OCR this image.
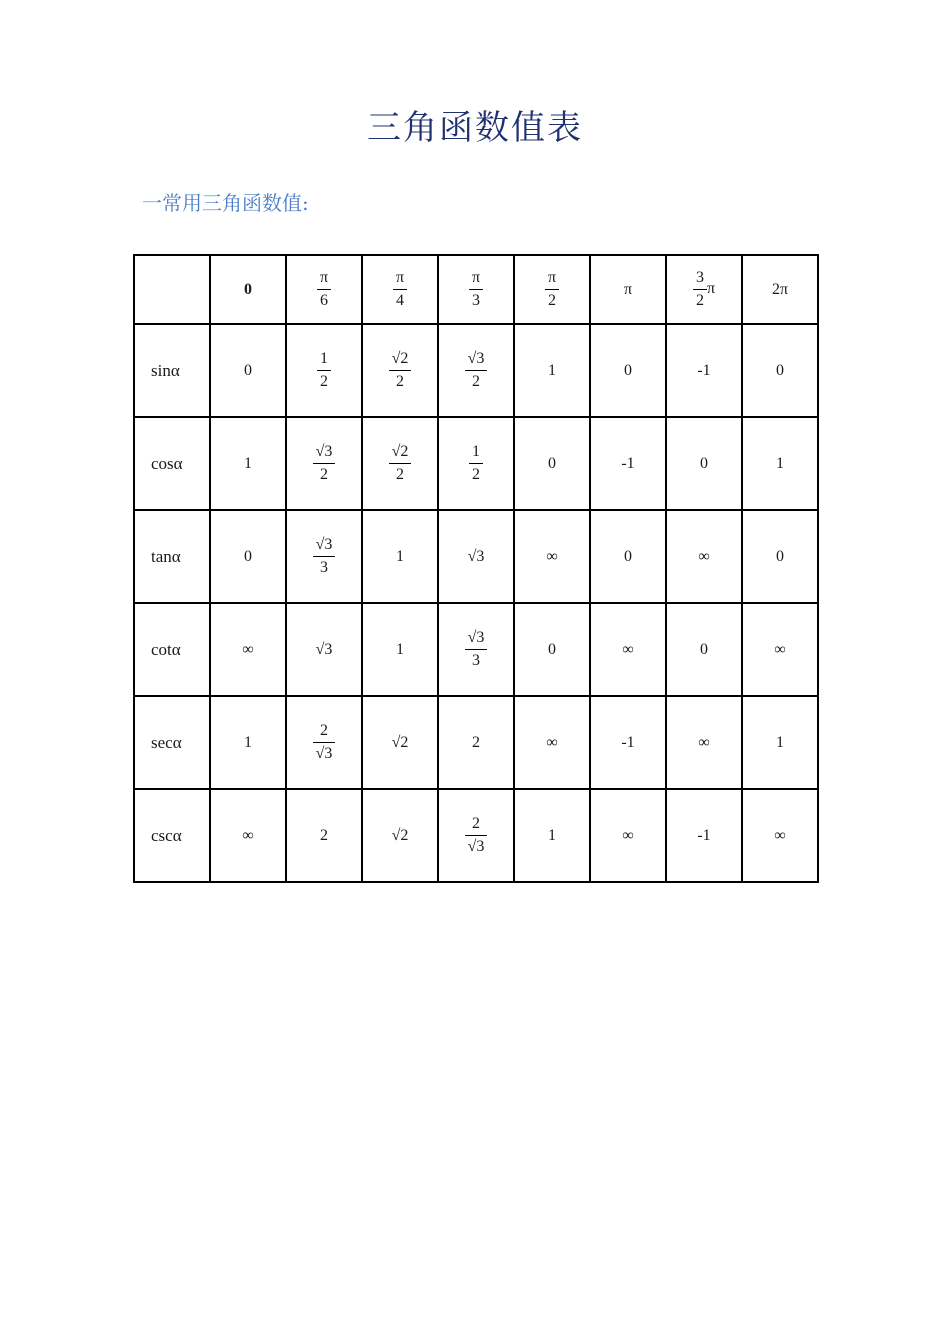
三角函数值表
一常用三角函数值:
	0	$\frac{\pi}{6}$	$\frac{\pi}{4}$	$\frac{\pi}{3}$	$\frac{\pi}{2}$	π	$\frac{3}{2}$ π	2π
sinα	0	$\frac{1}{2}$	$\frac{√2}{2}$	$\frac{√3}{2}$	1	0	-1	0
cosα	1	$\frac{√3}{2}$	$\frac{√2}{2}$	$\frac{1}{2}$	0	-1	0	1
tanα	0	$\frac{√3}{3}$	1	√3	∞	0	∞	0
cotα	∞	√3	1	$\frac{√3}{3}$	0	∞	0	∞
secα	1	$\frac{2}{√3}$	√2	2	∞	-1	∞	1
cscα	∞	2	√2	$\frac{2}{√3}$	1	∞	-1	∞
